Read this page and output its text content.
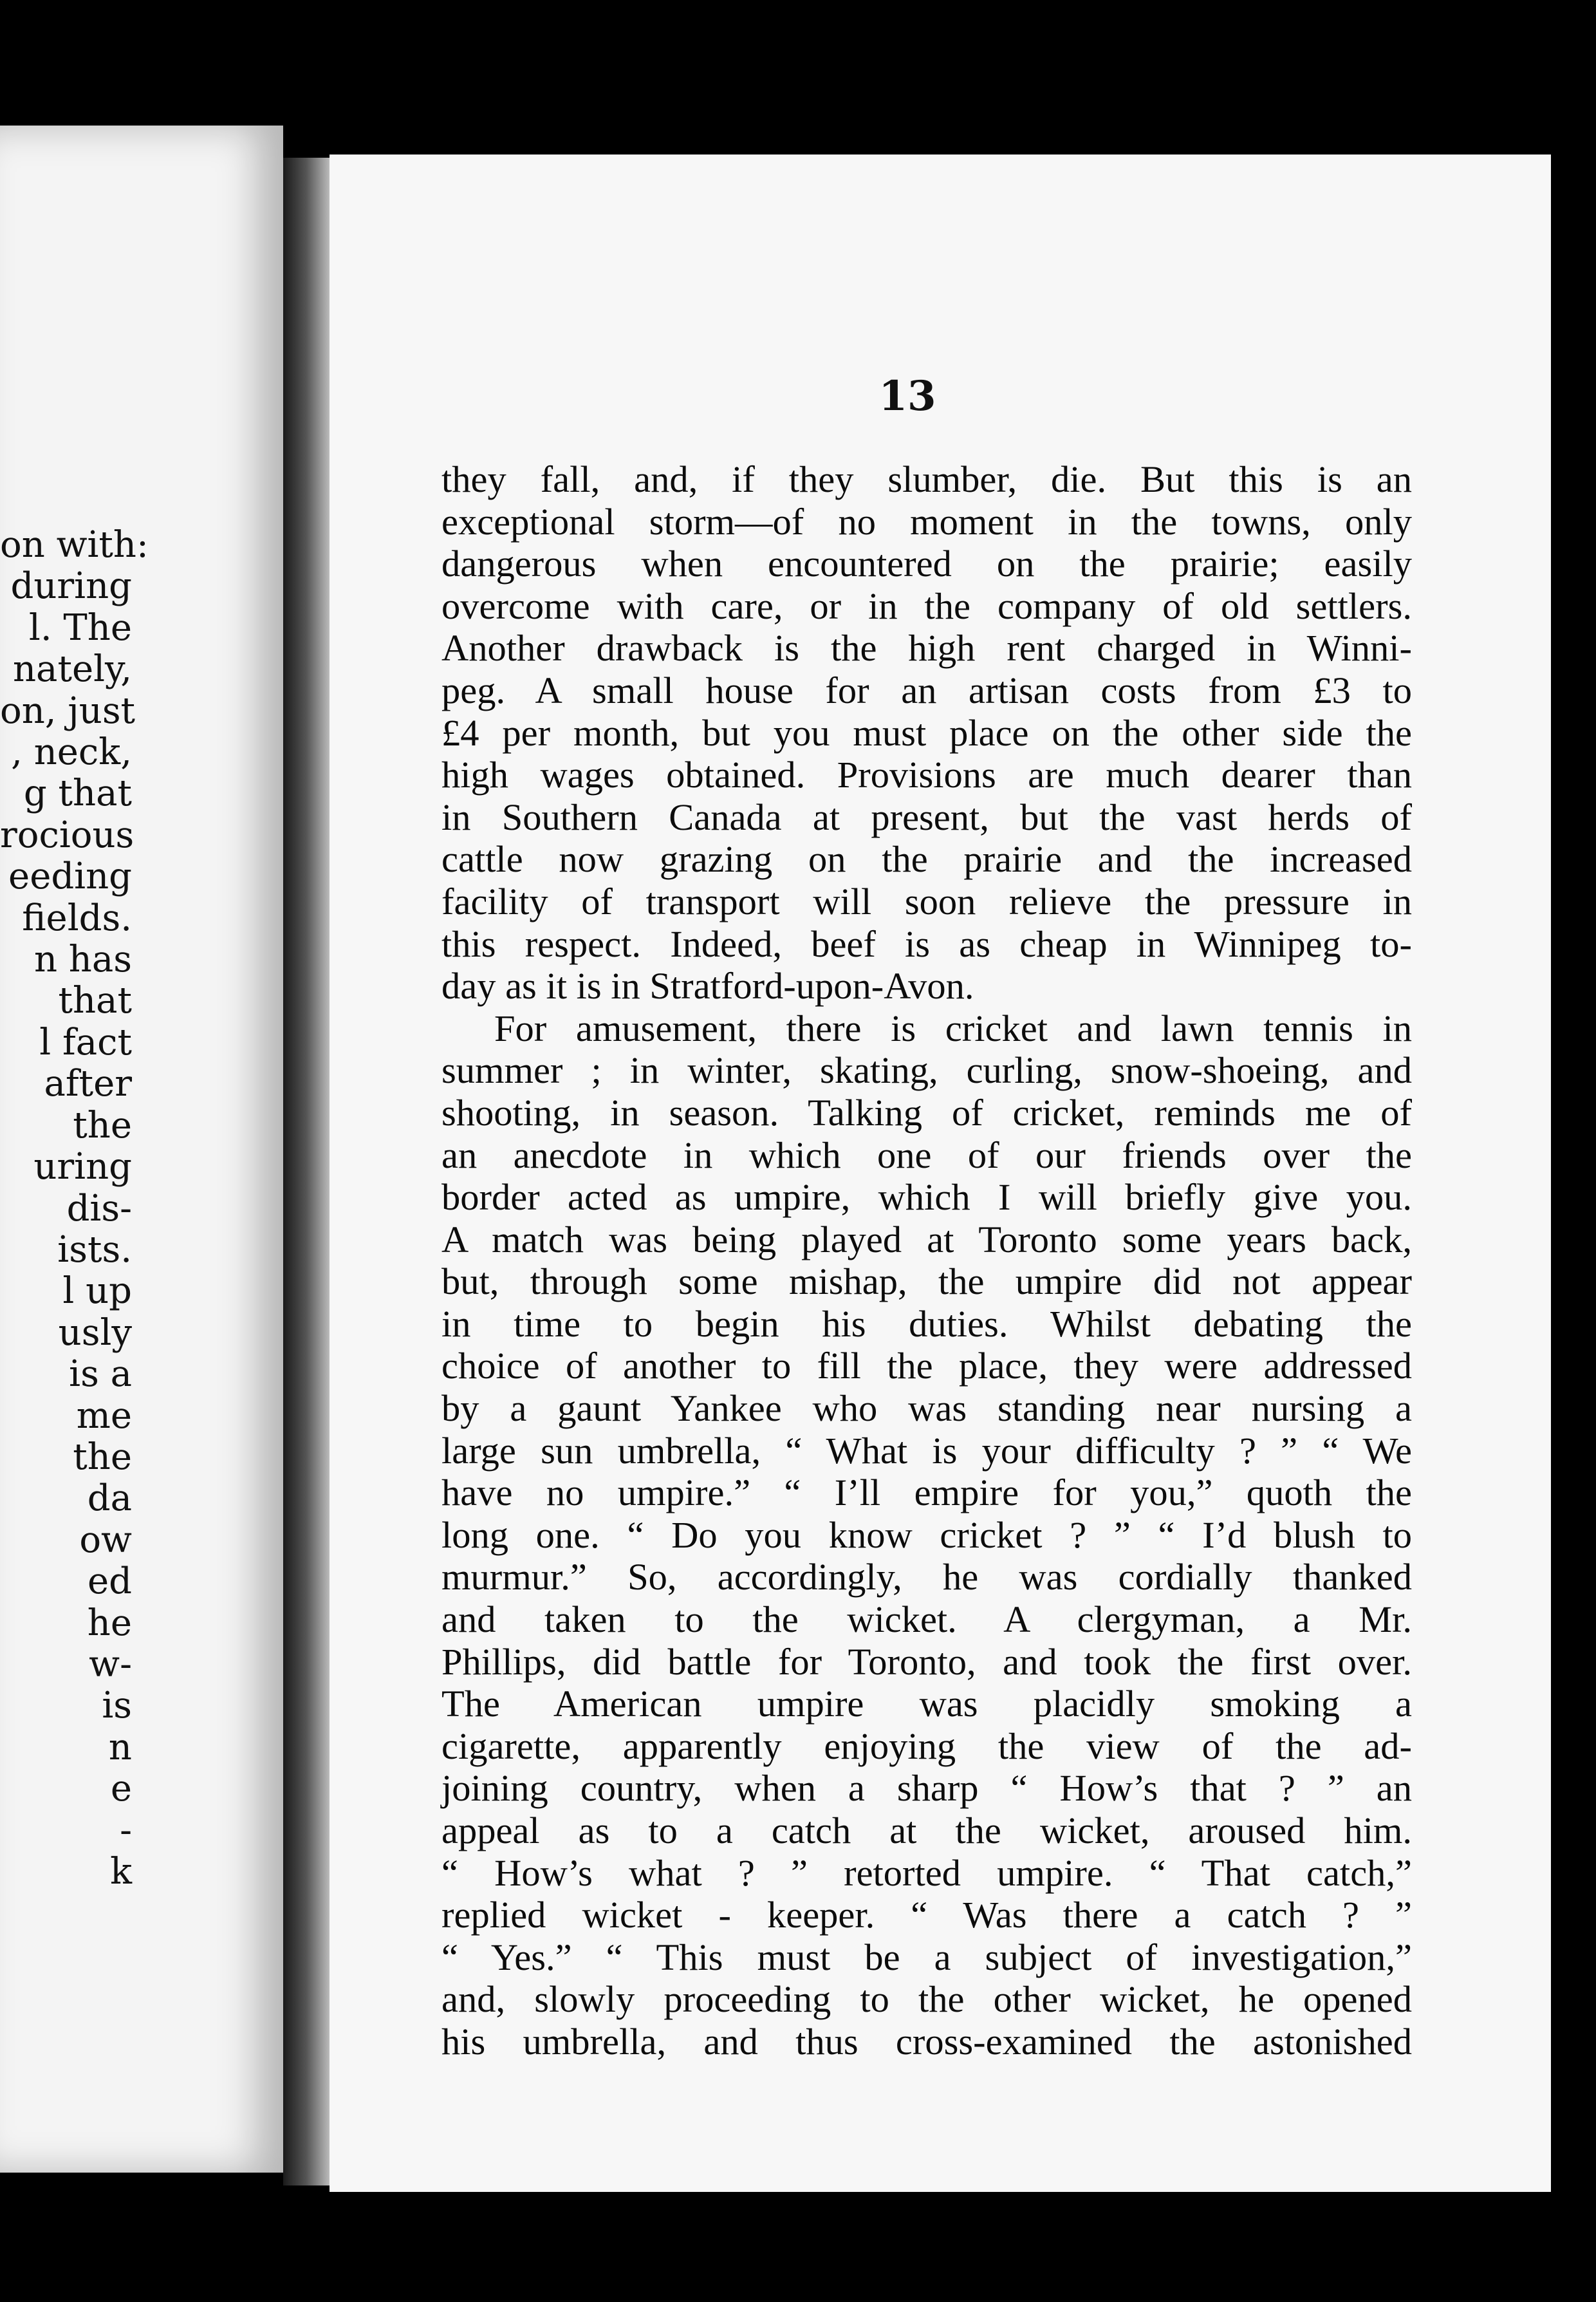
on with:
during
l. The
nately,
on, just
, neck,
g that
rocious
eeding
fields.
n has
that
l fact
after
the
uring
dis-
ists.
l up
usly
is a
me
the
da
ow
ed
he
w-
is
n
e
-
k
13
they fall, and, if they slumber, die. But this is an
exceptional storm—of no moment in the towns, only
dangerous when encountered on the prairie; easily
overcome with care, or in the company of old settlers.
Another drawback is the high rent charged in Winni-
peg. A small house for an artisan costs from £3 to
£4 per month, but you must place on the other side the
high wages obtained. Provisions are much dearer than
in Southern Canada at present, but the vast herds of
cattle now grazing on the prairie and the increased
facility of transport will soon relieve the pressure in
this respect. Indeed, beef is as cheap in Winnipeg to-
day as it is in Stratford-upon-Avon.
For amusement, there is cricket and lawn tennis in
summer ; in winter, skating, curling, snow-shoeing, and
shooting, in season. Talking of cricket, reminds me of
an anecdote in which one of our friends over the
border acted as umpire, which I will briefly give you.
A match was being played at Toronto some years back,
but, through some mishap, the umpire did not appear
in time to begin his duties. Whilst debating the
choice of another to fill the place, they were addressed
by a gaunt Yankee who was standing near nursing a
large sun umbrella, “ What is your difficulty ? ” “ We
have no umpire.” “ I’ll empire for you,” quoth the
long one. “ Do you know cricket ? ” “ I’d blush to
murmur.” So, accordingly, he was cordially thanked
and taken to the wicket. A clergyman, a Mr.
Phillips, did battle for Toronto, and took the first over.
The American umpire was placidly smoking a
cigarette, apparently enjoying the view of the ad-
joining country, when a sharp “ How’s that ? ” an
appeal as to a catch at the wicket, aroused him.
“ How’s what ? ” retorted umpire. “ That catch,”
replied wicket - keeper. “ Was there a catch ? ”
“ Yes.” “ This must be a subject of investigation,”
and, slowly proceeding to the other wicket, he opened
his umbrella, and thus cross-examined the astonished
